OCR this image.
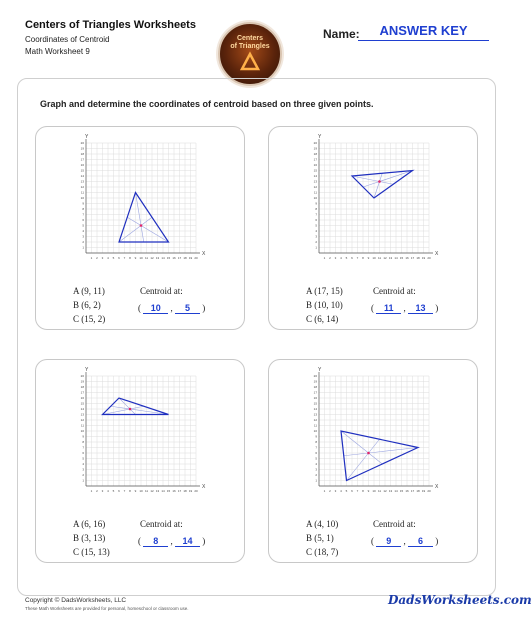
Centers of Triangles Worksheets
Coordinates of Centroid
Math Worksheet 9
Centers
of Triangles
Name:	ANSWER KEY
Graph and determine the coordinates of centroid based on three given points.
1
1
2
2
3
3
4
4
5
5
6
6
7
7
8
8
9
9
10
10
11
11
12
12
13
13
14
14
15
15
16
16
17
17
18
18
19
19
20
20
X
Y
A (9, 11)
B (6, 2)
C (15, 2)
Centroid at:
( 10 , 5 )
1
1
2
2
3
3
4
4
5
5
6
6
7
7
8
8
9
9
10
10
11
11
12
12
13
13
14
14
15
15
16
16
17
17
18
18
19
19
20
20
X
Y
A (17, 15)
B (10, 10)
C (6, 14)
Centroid at:
( 11 , 13 )
1
1
2
2
3
3
4
4
5
5
6
6
7
7
8
8
9
9
10
10
11
11
12
12
13
13
14
14
15
15
16
16
17
17
18
18
19
19
20
20
X
Y
A (6, 16)
B (3, 13)
C (15, 13)
Centroid at:
( 8 , 14 )
1
1
2
2
3
3
4
4
5
5
6
6
7
7
8
8
9
9
10
10
11
11
12
12
13
13
14
14
15
15
16
16
17
17
18
18
19
19
20
20
X
Y
A (4, 10)
B (5, 1)
C (18, 7)
Centroid at:
( 9 , 6 )
Copyright © DadsWorksheets, LLC
These Math Worksheets are provided for personal, homeschool or classroom use.
DadsWorksheets.com
